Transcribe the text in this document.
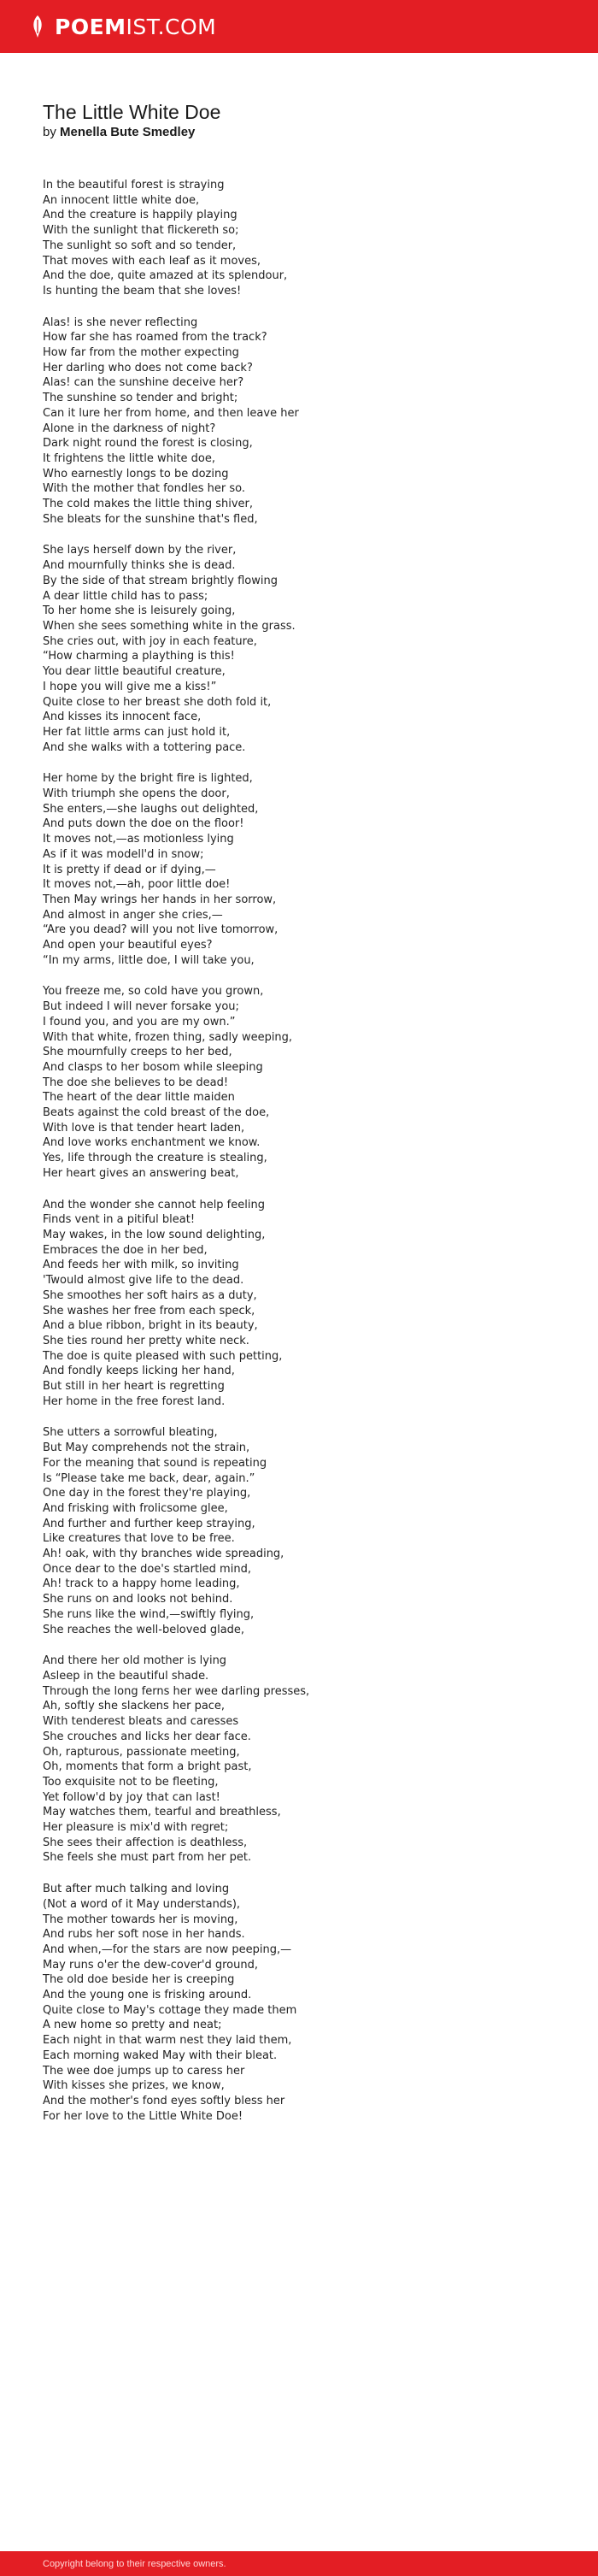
POEMIST.COM
The Little White Doe
by Menella Bute Smedley
In the beautiful forest is straying
An innocent little white doe,
And the creature is happily playing
With the sunlight that flickereth so;
The sunlight so soft and so tender,
That moves with each leaf as it moves,
And the doe, quite amazed at its splendour,
Is hunting the beam that she loves!
Alas! is she never reflecting
How far she has roamed from the track?
How far from the mother expecting
Her darling who does not come back?
Alas! can the sunshine deceive her?
The sunshine so tender and bright;
Can it lure her from home, and then leave her
Alone in the darkness of night?
Dark night round the forest is closing,
It frightens the little white doe,
Who earnestly longs to be dozing
With the mother that fondles her so.
The cold makes the little thing shiver,
She bleats for the sunshine that's fled,
She lays herself down by the river,
And mournfully thinks she is dead.
By the side of that stream brightly flowing
A dear little child has to pass;
To her home she is leisurely going,
When she sees something white in the grass.
She cries out, with joy in each feature,
“How charming a plaything is this!
You dear little beautiful creature,
I hope you will give me a kiss!”
Quite close to her breast she doth fold it,
And kisses its innocent face,
Her fat little arms can just hold it,
And she walks with a tottering pace.
Her home by the bright fire is lighted,
With triumph she opens the door,
She enters,—she laughs out delighted,
And puts down the doe on the floor!
It moves not,—as motionless lying
As if it was modell'd in snow;
It is pretty if dead or if dying,—
It moves not,—ah, poor little doe!
Then May wrings her hands in her sorrow,
And almost in anger she cries,—
“Are you dead? will you not live tomorrow,
And open your beautiful eyes?
“In my arms, little doe, I will take you,
You freeze me, so cold have you grown,
But indeed I will never forsake you;
I found you, and you are my own.”
With that white, frozen thing, sadly weeping,
She mournfully creeps to her bed,
And clasps to her bosom while sleeping
The doe she believes to be dead!
The heart of the dear little maiden
Beats against the cold breast of the doe,
With love is that tender heart laden,
And love works enchantment we know.
Yes, life through the creature is stealing,
Her heart gives an answering beat,
And the wonder she cannot help feeling
Finds vent in a pitiful bleat!
May wakes, in the low sound delighting,
Embraces the doe in her bed,
And feeds her with milk, so inviting
'Twould almost give life to the dead.
She smoothes her soft hairs as a duty,
She washes her free from each speck,
And a blue ribbon, bright in its beauty,
She ties round her pretty white neck.
The doe is quite pleased with such petting,
And fondly keeps licking her hand,
But still in her heart is regretting
Her home in the free forest land.
She utters a sorrowful bleating,
But May comprehends not the strain,
For the meaning that sound is repeating
Is “Please take me back, dear, again.”
One day in the forest they're playing,
And frisking with frolicsome glee,
And further and further keep straying,
Like creatures that love to be free.
Ah! oak, with thy branches wide spreading,
Once dear to the doe's startled mind,
Ah! track to a happy home leading,
She runs on and looks not behind.
She runs like the wind,—swiftly flying,
She reaches the well-beloved glade,
And there her old mother is lying
Asleep in the beautiful shade.
Through the long ferns her wee darling presses,
Ah, softly she slackens her pace,
With tenderest bleats and caresses
She crouches and licks her dear face.
Oh, rapturous, passionate meeting,
Oh, moments that form a bright past,
Too exquisite not to be fleeting,
Yet follow'd by joy that can last!
May watches them, tearful and breathless,
Her pleasure is mix'd with regret;
She sees their affection is deathless,
She feels she must part from her pet.
But after much talking and loving
(Not a word of it May understands),
The mother towards her is moving,
And rubs her soft nose in her hands.
And when,—for the stars are now peeping,—
May runs o'er the dew-cover'd ground,
The old doe beside her is creeping
And the young one is frisking around.
Quite close to May's cottage they made them
A new home so pretty and neat;
Each night in that warm nest they laid them,
Each morning waked May with their bleat.
The wee doe jumps up to caress her
With kisses she prizes, we know,
And the mother's fond eyes softly bless her
For her love to the Little White Doe!
Copyright belong to their respective owners.
